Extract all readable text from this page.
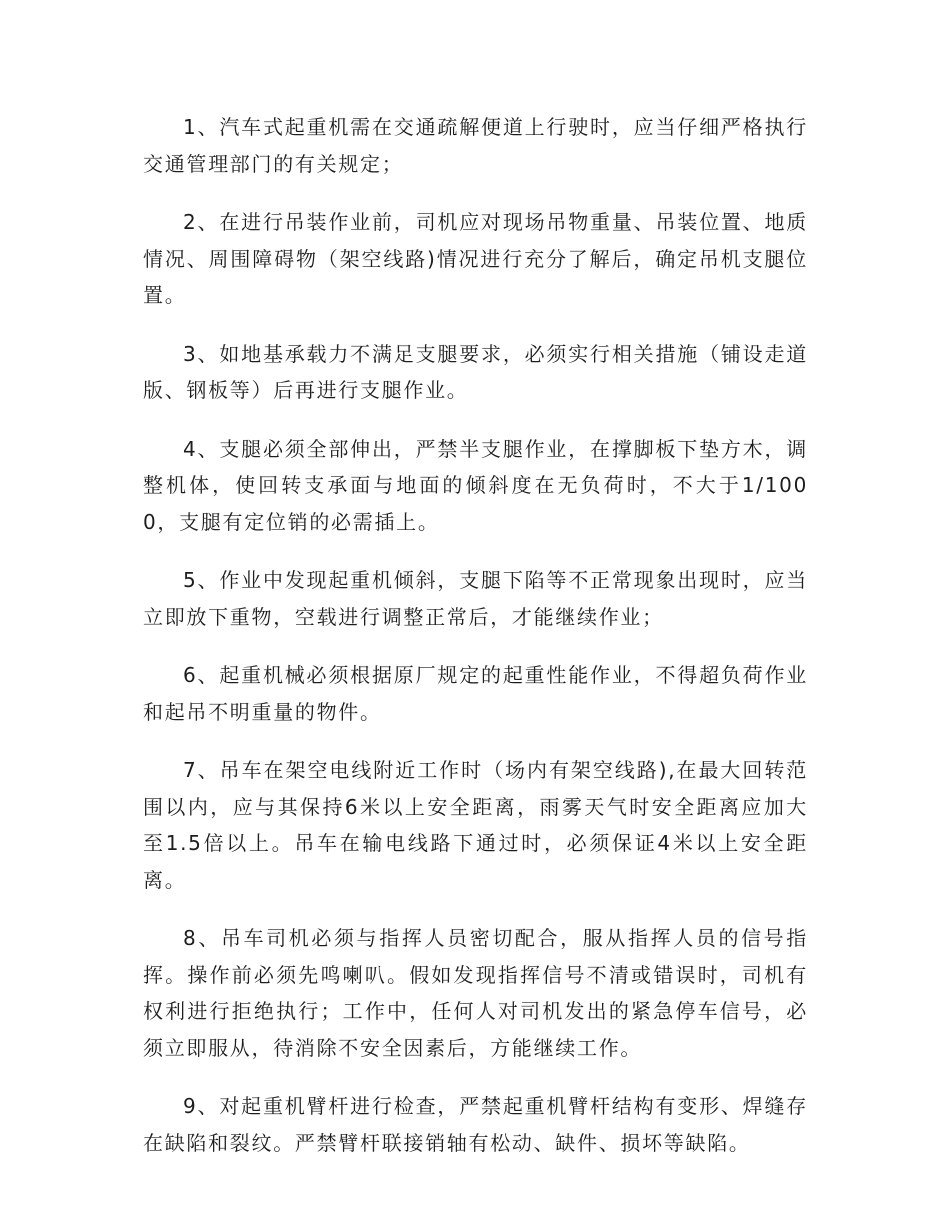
1、汽车式起重机需在交通疏解便道上行驶时，应当仔细严格执行交通管理部门的有关规定；

2、在进行吊装作业前，司机应对现场吊物重量、吊装位置、地质情况、周围障碍物（架空线路)情况进行充分了解后，确定吊机支腿位置。

3、如地基承载力不满足支腿要求，必须实行相关措施（铺设走道版、钢板等）后再进行支腿作业。

4、支腿必须全部伸出，严禁半支腿作业，在撑脚板下垫方木，调整机体，使回转支承面与地面的倾斜度在无负荷时，不大于1/1000，支腿有定位销的必需插上。

5、作业中发现起重机倾斜，支腿下陷等不正常现象出现时，应当立即放下重物，空载进行调整正常后，才能继续作业；

6、起重机械必须根据原厂规定的起重性能作业，不得超负荷作业和起吊不明重量的物件。

7、吊车在架空电线附近工作时（场内有架空线路),在最大回转范围以内，应与其保持6米以上安全距离，雨雾天气时安全距离应加大至1.5倍以上。吊车在输电线路下通过时，必须保证4米以上安全距离。

8、吊车司机必须与指挥人员密切配合，服从指挥人员的信号指挥。操作前必须先鸣喇叭。假如发现指挥信号不清或错误时，司机有权利进行拒绝执行；工作中，任何人对司机发出的紧急停车信号，必须立即服从，待消除不安全因素后，方能继续工作。

9、对起重机臂杆进行检查，严禁起重机臂杆结构有变形、焊缝存在缺陷和裂纹。严禁臂杆联接销轴有松动、缺件、损坏等缺陷。
